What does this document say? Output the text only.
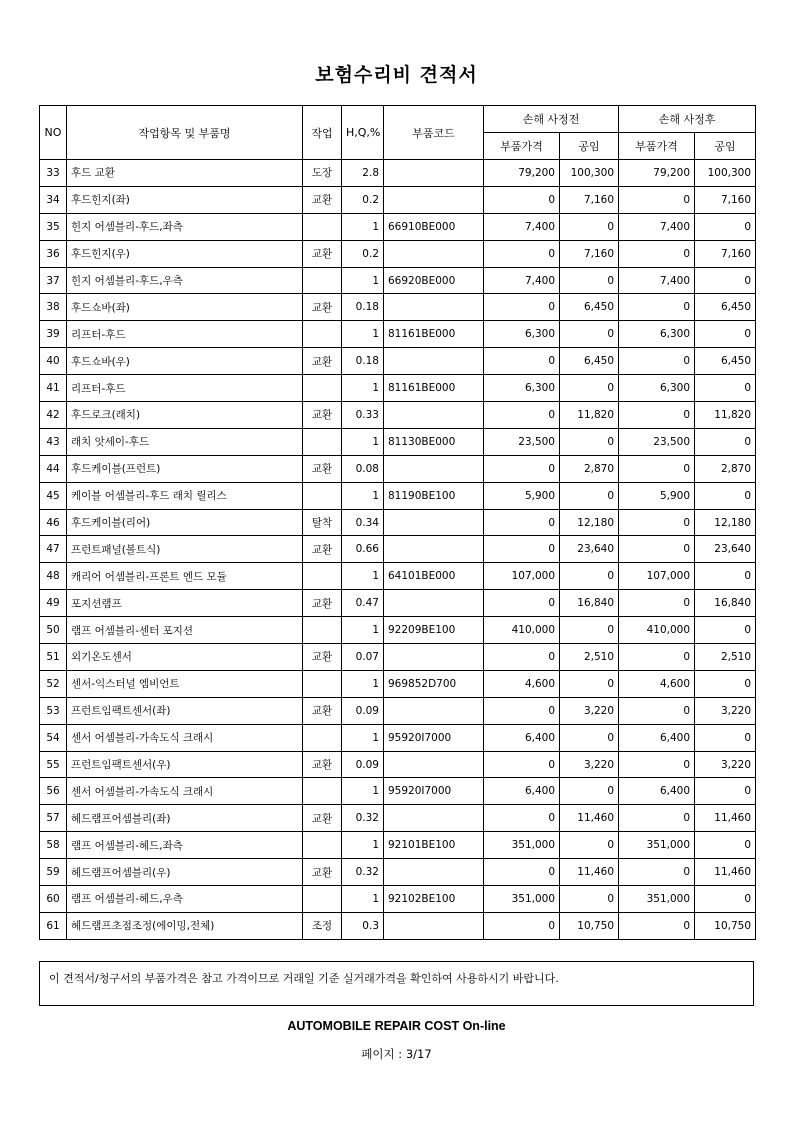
보험수리비 견적서
NO	작업항목 및 부품명	작업	H,Q,%	부품코드	손해 사정전		손해 사정후	
					부품가격	공임	부품가격	공임
33	후드 교환	도장	2.8		79,200	100,300	79,200	100,300
34	후드힌지(좌)	교환	0.2		0	7,160	0	7,160
35	힌지 어셈블리-후드,좌측		1	66910BE000	7,400	0	7,400	0
36	후드힌지(우)	교환	0.2		0	7,160	0	7,160
37	힌지 어셈블리-후드,우측		1	66920BE000	7,400	0	7,400	0
38	후드쇼바(좌)	교환	0.18		0	6,450	0	6,450
39	리프터-후드		1	81161BE000	6,300	0	6,300	0
40	후드쇼바(우)	교환	0.18		0	6,450	0	6,450
41	리프터-후드		1	81161BE000	6,300	0	6,300	0
42	후드로크(래치)	교환	0.33		0	11,820	0	11,820
43	래치 앗세이-후드		1	81130BE000	23,500	0	23,500	0
44	후드케이블(프런트)	교환	0.08		0	2,870	0	2,870
45	케이블 어셈블리-후드 래치 릴리스		1	81190BE100	5,900	0	5,900	0
46	후드케이블(리어)	탈착	0.34		0	12,180	0	12,180
47	프런트패널(볼트식)	교환	0.66		0	23,640	0	23,640
48	캐리어 어셈블리-프론트 엔드 모듈		1	64101BE000	107,000	0	107,000	0
49	포지션램프	교환	0.47		0	16,840	0	16,840
50	램프 어셈블리-센터 포지션		1	92209BE100	410,000	0	410,000	0
51	외기온도센서	교환	0.07		0	2,510	0	2,510
52	센서-익스터널 엠비언트		1	969852D700	4,600	0	4,600	0
53	프런트임팩트센서(좌)	교환	0.09		0	3,220	0	3,220
54	센서 어셈블리-가속도식 크래시		1	95920I7000	6,400	0	6,400	0
55	프런트임팩트센서(우)	교환	0.09		0	3,220	0	3,220
56	센서 어셈블리-가속도식 크래시		1	95920I7000	6,400	0	6,400	0
57	헤드램프어셈블리(좌)	교환	0.32		0	11,460	0	11,460
58	램프 어셈블리-헤드,좌측		1	92101BE100	351,000	0	351,000	0
59	헤드램프어셈블리(우)	교환	0.32		0	11,460	0	11,460
60	램프 어셈블리-헤드,우측		1	92102BE100	351,000	0	351,000	0
61	헤드램프초점조정(에이밍,전체)	조정	0.3		0	10,750	0	10,750
이 견적서/청구서의 부품가격은 참고 가격이므로 거래일 기준 실거래가격을 확인하여 사용하시기 바랍니다.
AUTOMOBILE REPAIR COST On-line
페이지 : 3/17
